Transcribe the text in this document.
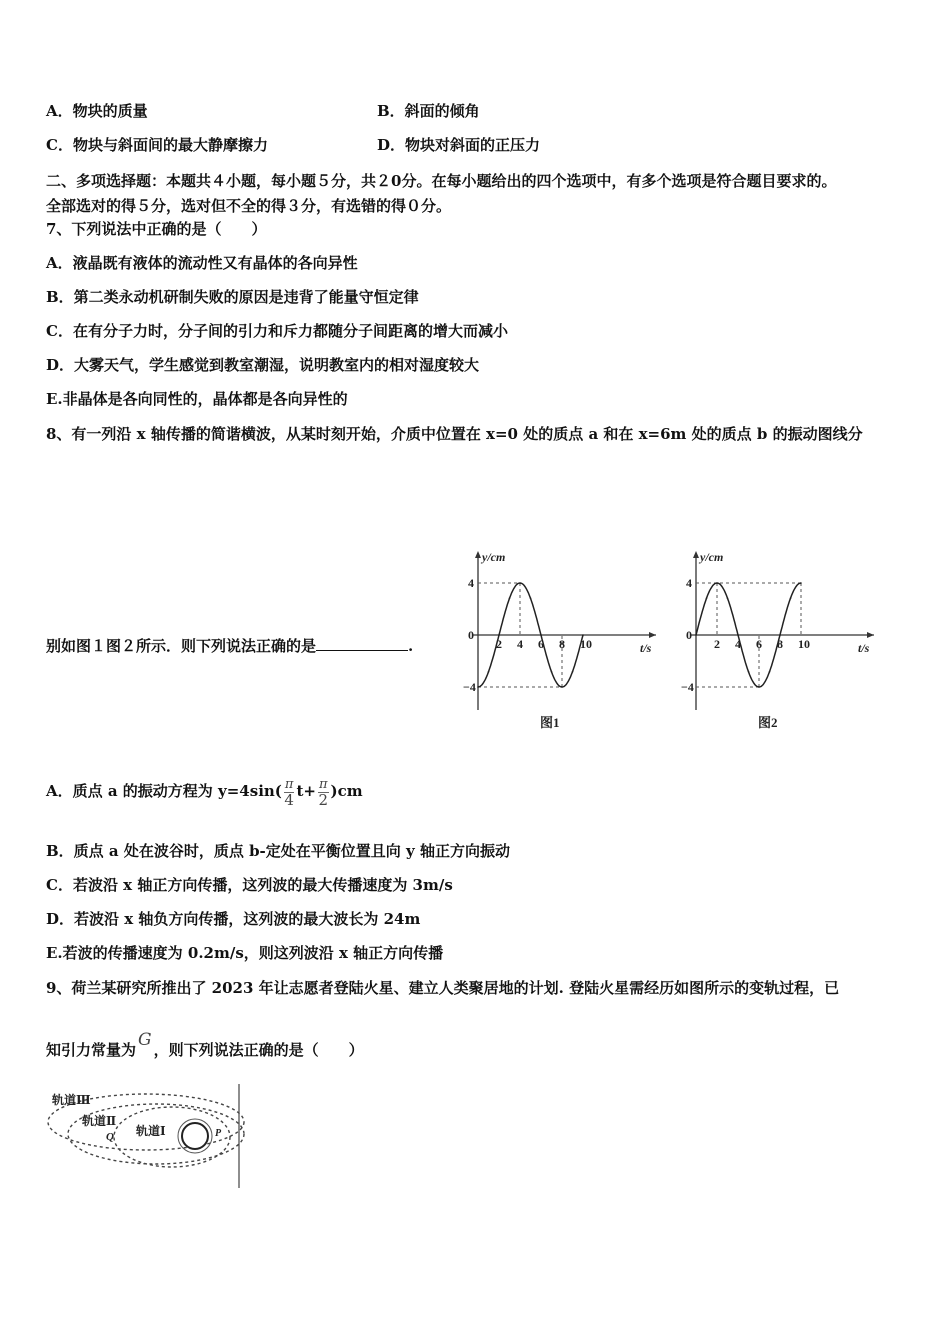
A．物块的质量	B．斜面的倾角
C．物块与斜面间的最大静摩擦力	D．物块对斜面的正压力
二、多项选择题：本题共４小题，每小题５分，共２0分。在每小题给出的四个选项中，有多个选项是符合题目要求的。
全部选对的得５分，选对但不全的得３分，有选错的得０分。
7、下列说法中正确的是（　　）
A．液晶既有液体的流动性又有晶体的各向异性
B．第二类永动机研制失败的原因是违背了能量守恒定律
C．在有分子力时，分子间的引力和斥力都随分子间距离的增大而减小
D．大雾天气，学生感觉到教室潮湿，说明教室内的相对湿度较大
E.非晶体是各向同性的，晶体都是各向异性的
8、有一列沿 x 轴传播的简谐横波，从某时刻开始，介质中位置在 x=0 处的质点 a 和在 x=6m 处的质点 b 的振动图线分
别如图１图２所示．则下列说法正确的是	.	2 4 6 8 10
4
0
−4
y/cm
t/s
图1
2 4 6 8 10
4
0
−4
y/cm
t/s
图2
A．质点 a 的振动方程为 $y=4\sin( \frac{\pi}{4} t+ \frac{\pi}{2} )cm$
B．质点 a 处在波谷时，质点 b-定处在平衡位置且向 y 轴正方向振动
C．若波沿 x 轴正方向传播，这列波的最大传播速度为 3m/s
D．若波沿 x 轴负方向传播，这列波的最大波长为 24m
E.若波的传播速度为 0.2m/s，则这列波沿 x 轴正方向传播
9、荷兰某研究所推出了 2023 年让志愿者登陆火星、建立人类聚居地的计划. 登陆火星需经历如图所示的变轨过程，已
知引力常量为 G ，则下列说法正确的是（　　）
轨道Ⅲ
轨道Ⅱ
轨道Ⅰ
Q	P
